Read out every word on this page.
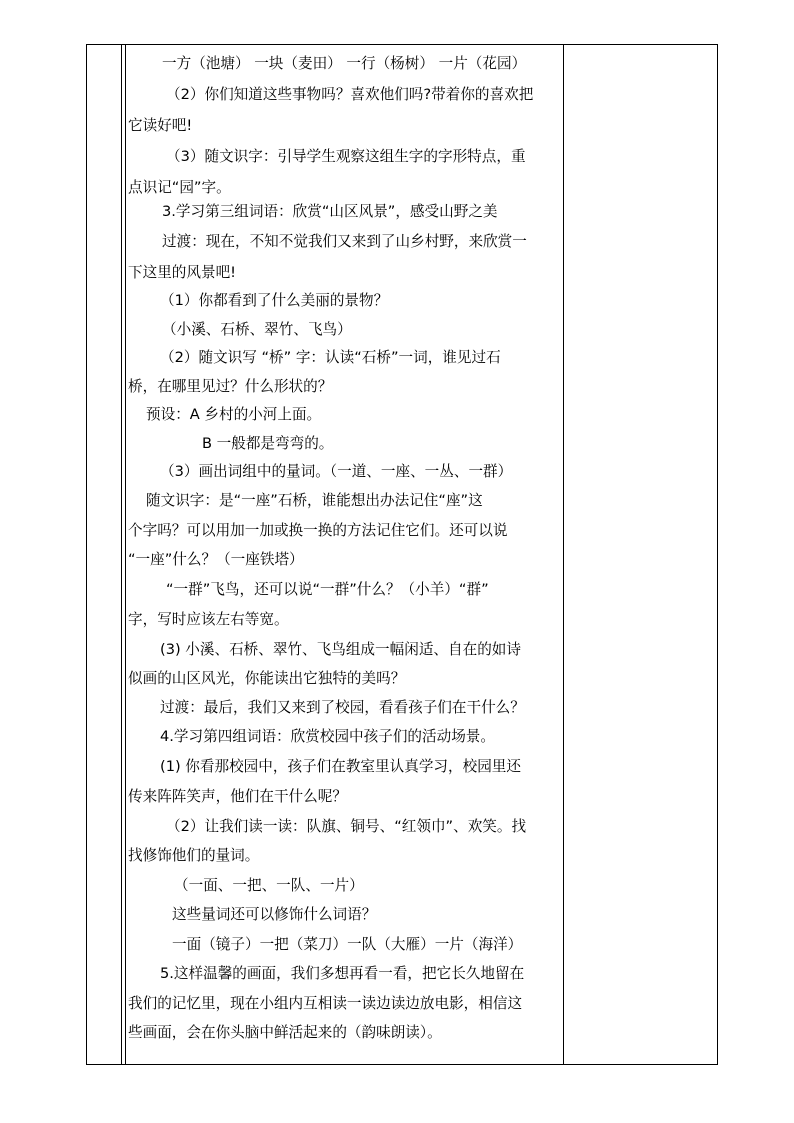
一方（池塘） 一块（麦田） 一行（杨树） 一片（花园）
（2）你们知道这些事物吗？喜欢他们吗?带着你的喜欢把
它读好吧!
（3）随文识字：引导学生观察这组生字的字形特点，重
点识记“园”字。
3.学习第三组词语：欣赏“山区风景”，感受山野之美
过渡：现在，不知不觉我们又来到了山乡村野，来欣赏一
下这里的风景吧!
（1）你都看到了什么美丽的景物？
（小溪、石桥、翠竹、飞鸟）
（2）随文识写 “桥” 字：认读“石桥”一词，谁见过石
桥，在哪里见过？什么形状的？
预设：A 乡村的小河上面。
B 一般都是弯弯的。
（3）画出词组中的量词。（一道、一座、一丛、一群）
随文识字：是“一座”石桥，谁能想出办法记住“座”这
个字吗？可以用加一加或换一换的方法记住它们。还可以说
“一座”什么？（一座铁塔）
“一群”飞鸟，还可以说“一群”什么？（小羊）“群”
字，写时应该左右等宽。
(3) 小溪、石桥、翠竹、飞鸟组成一幅闲适、自在的如诗
似画的山区风光，你能读出它独特的美吗？
过渡：最后，我们又来到了校园，看看孩子们在干什么？
4.学习第四组词语：欣赏校园中孩子们的活动场景。
(1) 你看那校园中，孩子们在教室里认真学习，校园里还
传来阵阵笑声，他们在干什么呢？
（2）让我们读一读：队旗、铜号、“红领巾”、欢笑。找
找修饰他们的量词。
（一面、一把、一队、一片）
这些量词还可以修饰什么词语？
一面（镜子）一把（菜刀）一队（大雁）一片（海洋）
5.这样温馨的画面，我们多想再看一看，把它长久地留在
我们的记忆里，现在小组内互相读一读边读边放电影，相信这
些画面，会在你头脑中鲜活起来的（韵味朗读）。
